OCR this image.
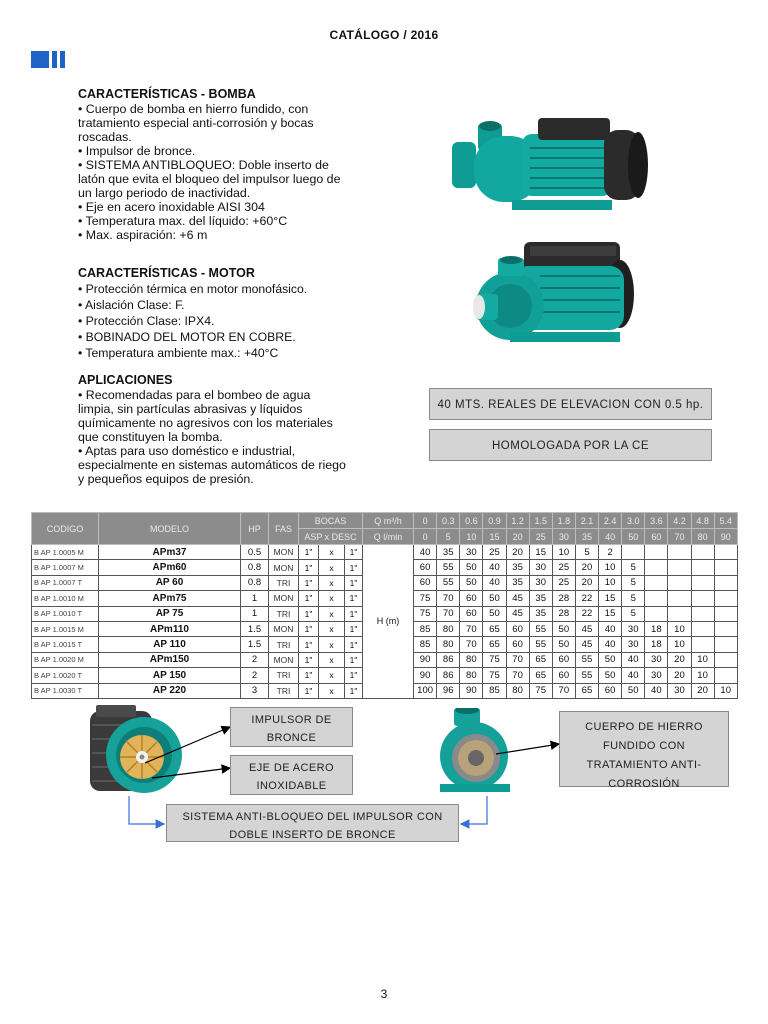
CATÁLOGO / 2016
CARACTERÍSTICAS - BOMBA

• Cuerpo de bomba en hierro fundido, con tratamiento especial anti-corrosión y bocas roscadas.

• Impulsor de bronce.

• SISTEMA ANTIBLOQUEO: Doble inserto de latón que evita el bloqueo del impulsor luego de un largo periodo de inactividad.

• Eje en acero inoxidable AISI 304

• Temperatura max. del líquido: +60°C

• Max. aspiración: +6 m

CARACTERÍSTICAS - MOTOR

• Protección térmica en motor monofásico.

• Aislación Clase: F.

• Protección Clase: IPX4.

• BOBINADO DEL MOTOR EN COBRE.

• Temperatura ambiente max.: +40°C

APLICACIONES

• Recomendadas para el bombeo de agua limpia, sin partículas abrasivas y líquidos químicamente no agresivos con los materiales que constituyen la bomba.

• Aptas para uso doméstico e industrial, especialmente en sistemas automáticos de riego y pequeños equipos de presión.

40 MTS. REALES DE ELEVACION CON 0.5 hp.
HOMOLOGADA POR LA CE
CODIGO	MODELO	HP	FAS	BOCAS			Q m³/h	0	0.3	0.6	0.9	1.2	1.5	1.8	2.1	2.4	3.0	3.6	4.2	4.8	5.4
				ASP x DESC			Q l/min	0	5	10	15	20	25	30	35	40	50	60	70	80	90
B AP 1.0005 M	APm37	0.5	MON	1"	x	1"	H (m)	40	35	30	25	20	15	10	5	2					
B AP 1.0007 M	APm60	0.8	MON	1"	x	1"		60	55	50	40	35	30	25	20	10	5				
B AP 1.0007 T	AP 60	0.8	TRI	1"	x	1"		60	55	50	40	35	30	25	20	10	5				
B AP 1.0010 M	APm75	1	MON	1"	x	1"		75	70	60	50	45	35	28	22	15	5				
B AP 1.0010 T	AP 75	1	TRI	1"	x	1"		75	70	60	50	45	35	28	22	15	5				
B AP 1.0015 M	APm110	1.5	MON	1"	x	1"		85	80	70	65	60	55	50	45	40	30	18	10		
B AP 1.0015 T	AP 110	1.5	TRI	1"	x	1"		85	80	70	65	60	55	50	45	40	30	18	10		
B AP 1.0020 M	APm150	2	MON	1"	x	1"		90	86	80	75	70	65	60	55	50	40	30	20	10	
B AP 1.0020 T	AP 150	2	TRI	1"	x	1"		90	86	80	75	70	65	60	55	50	40	30	20	10	
B AP 1.0030 T	AP 220	3	TRI	1"	x	1"		100	96	90	85	80	75	70	65	60	50	40	30	20	10
IMPULSOR DE
BRONCE
EJE DE ACERO
INOXIDABLE
CUERPO DE HIERRO
FUNDIDO CON
TRATAMIENTO ANTI-
CORROSIÓN
SISTEMA ANTI-BLOQUEO DEL IMPULSOR CON
DOBLE INSERTO DE BRONCE
3
